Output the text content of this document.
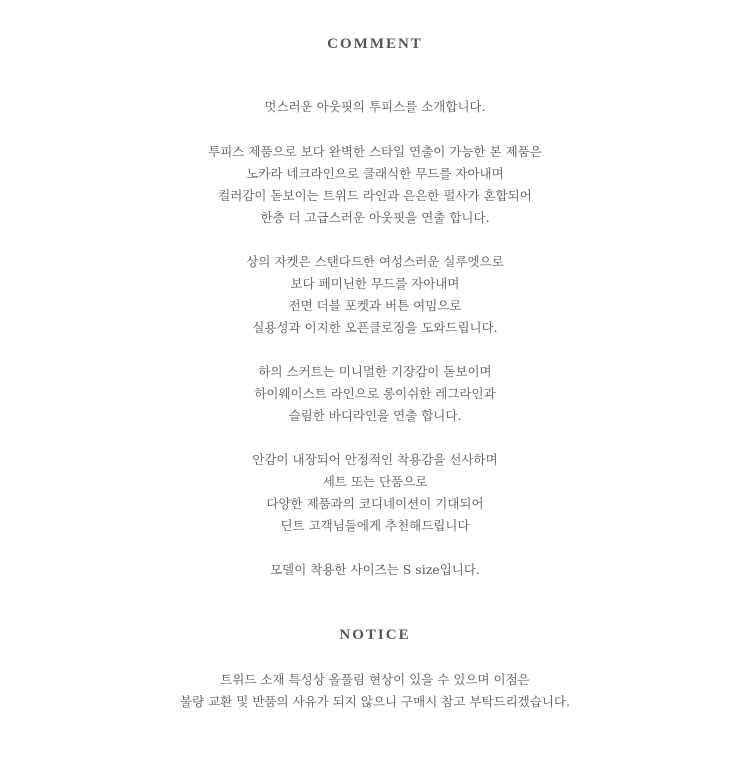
COMMENT
멋스러운 아웃핏의 투피스를 소개합니다.
투피스 제품으로 보다 완벽한 스타일 연출이 가능한 본 제품은
노카라 네크라인으로 클래식한 무드를 자아내며
컬러감이 돋보이는 트위드 라인과 은은한 펄사가 혼합되어
한층 더 고급스러운 아웃핏을 연출 합니다.
상의 자켓은 스탠다드한 여성스러운 실루엣으로
보다 페미닌한 무드를 자아내며
전면 더블 포켓과 버튼 여밈으로
실용성과 이지한 오픈클로징을 도와드립니다.
하의 스커트는 미니멀한 기장감이 돋보이며
하이웨이스트 라인으로 롱이쉬한 레그라인과
슬림한 바디라인을 연출 합니다.
안감이 내장되어 안정적인 착용감을 선사하며
세트 또는 단품으로
다양한 제품과의 코디네이션이 기대되어
딘트 고객님들에게 추천해드립니다
모델이 착용한 사이즈는 S size입니다.
NOTICE
트위드 소재 특성상 올풀림 현상이 있을 수 있으며 이점은
불량 교환 및 반품의 사유가 되지 않으니 구매시 참고 부탁드리겠습니다.
